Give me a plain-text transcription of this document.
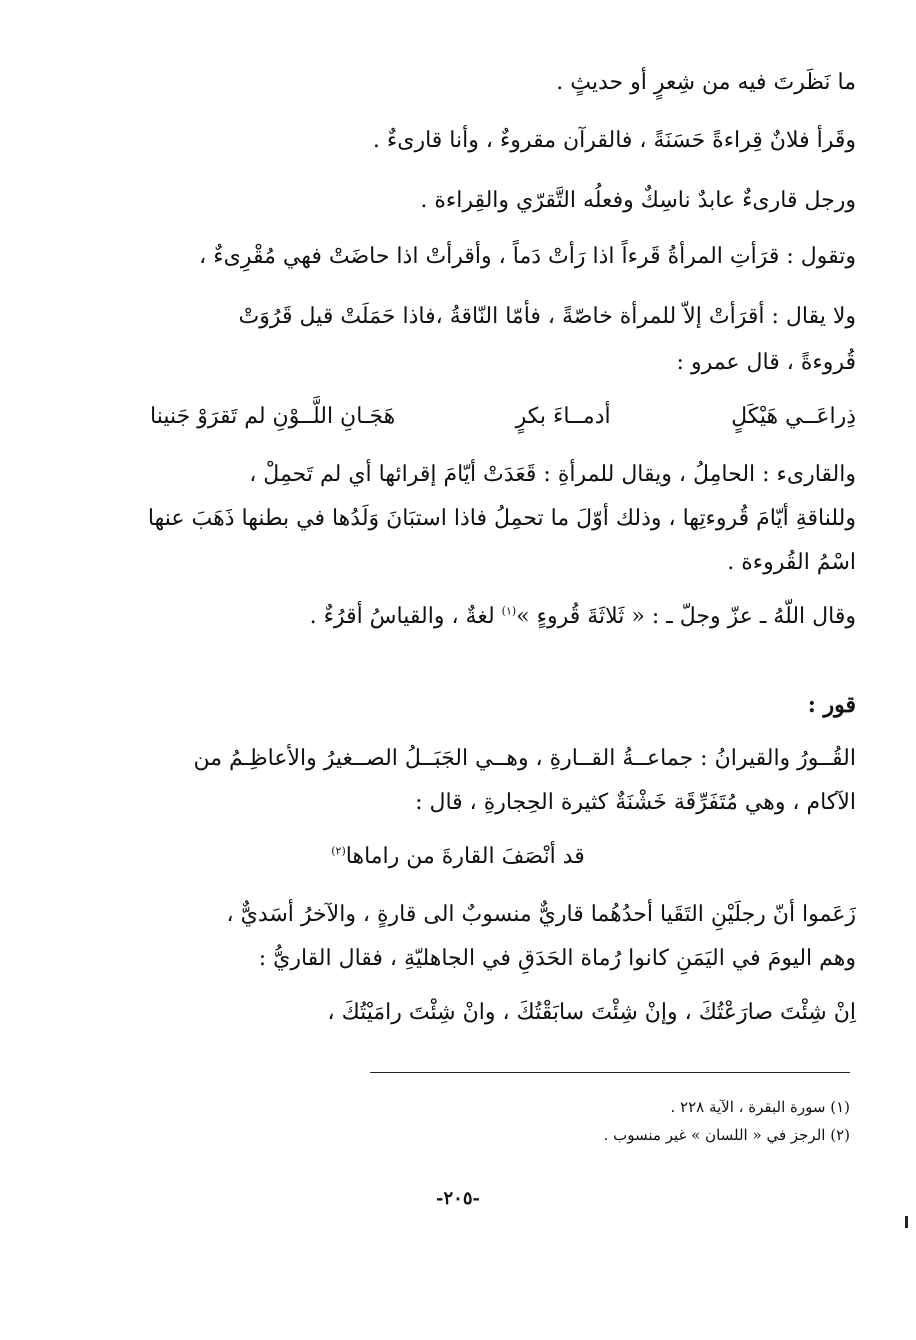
ما نَظَرتَ فيه من شِعرٍ أو حديثٍ .
وقَرأ فلانٌ قِراءةً حَسَنَةً ، فالقرآن مقروءٌ ، وأنا قارىءٌ .
ورجل قارىءٌ عابدٌ ناسِكٌ وفعلُه التَّقرّي والقِراءة .
وتقول : قرَأتِ المرأةُ قَرءاً اذا رَأتْ دَماً ، وأقرأتْ اذا حاضَتْ فهي مُقْرِىءٌ ،
ولا يقال : أقرَأتْ إلاّ للمرأة خاصّةً ، فأمّا النّاقةُ ،فاذا حَمَلَتْ قيل قَرُوَتْ
قُروءةً ، قال عمرو :
ذِراعَــي هَيْكَلٍ
أدمــاءَ بكرٍ
هَجَـانِ اللَّــوْنِ لم تَقرَوْ جَنينا
والقارىء : الحامِلُ ، ويقال للمرأةِ : قَعَدَتْ أيّامَ إقرائها أي لم تَحمِلْ ،
وللناقةِ أيّامَ قُروءتِها ، وذلك أوّلَ ما تحمِلُ فاذا استبَانَ وَلَدُها في بطنها ذَهَبَ عنها
اسْمُ القُروءة .
وقال اللّهُ ـ عزّ وجلّ ـ : « ثَلاثَةَ قُروءٍ »$^{(١)}$ لغةٌ ، والقياسُ أقرُءٌ .
قور :
القُــورُ والقيرانُ : جماعــةُ القــارةِ ، وهــي الجَبَــلُ الصــغيرُ والأعاظِـمُ من
الآكام ، وهي مُتَفَرِّقَة خَشْنَةٌ كثيرة الحِجارةِ ، قال :
قد أنْصَفَ القارةَ من راماها$^{(٢)}$
زَعَموا أنّ رجلَيْنِ التَقَيا أحدُهُما قاريٌّ منسوبٌ الى قارةٍ ، والآخرُ أسَديٌّ ،
وهم اليومَ في اليَمَنِ كانوا رُماة الحَدَقِ في الجاهليّةِ ، فقال القاريُّ :
اِنْ شِئْتَ صارَعْتُكَ ، وإنْ شِئْتَ سابَقْتُكَ ، وانْ شِئْتَ رامَيْتُكَ ،
(١) سورة البقرة ، الآية ٢٢٨ .
(٢) الرجز في « اللسان » غير منسوب .
-٢٠٥-
